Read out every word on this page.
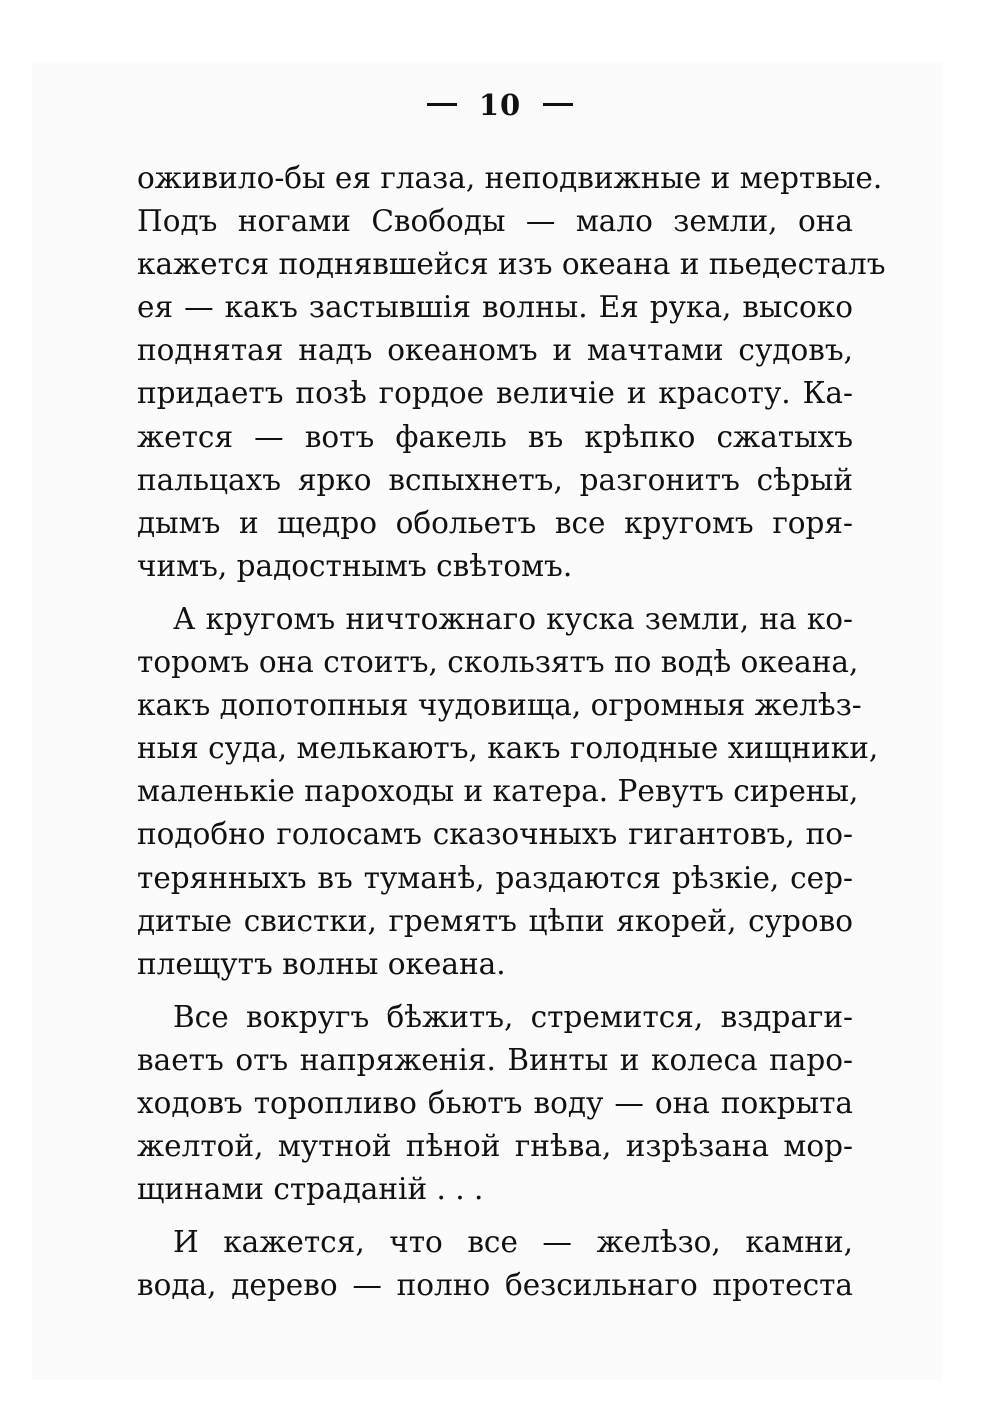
10
оживило-бы ея глаза, неподвижные и мертвые.
Подъ ногами Свободы — мало земли, она
кажется поднявшейся изъ океана и пьедесталъ
ея — какъ застывшія волны. Ея рука, высоко
поднятая надъ океаномъ и мачтами судовъ,
придаетъ позѣ гордое величіе и красоту. Ка-
жется — вотъ факель въ крѣпко сжатыхъ
пальцахъ ярко вспыхнетъ, разгонитъ сѣрый
дымъ и щедро обольетъ все кругомъ горя-
чимъ, радостнымъ свѣтомъ.
А кругомъ ничтожнаго куска земли, на ко-
торомъ она стоитъ, скользятъ по водѣ океана,
какъ допотопныя чудовища, огромныя желѣз-
ныя суда, мелькаютъ, какъ голодные хищники,
маленькіе пароходы и катера. Ревутъ сирены,
подобно голосамъ сказочныхъ гигантовъ, по-
терянныхъ въ туманѣ, раздаются рѣзкіе, сер-
дитые свистки, гремятъ цѣпи якорей, сурово
плещутъ волны океана.
Все вокругъ бѣжитъ, стремится, вздраги-
ваетъ отъ напряженія. Винты и колеса паро-
ходовъ торопливо бьютъ воду — она покрыта
желтой, мутной пѣной гнѣва, изрѣзана мор-
щинами страданій . . .
И кажется, что все — желѣзо, камни,
вода, дерево — полно безсильнаго протеста
